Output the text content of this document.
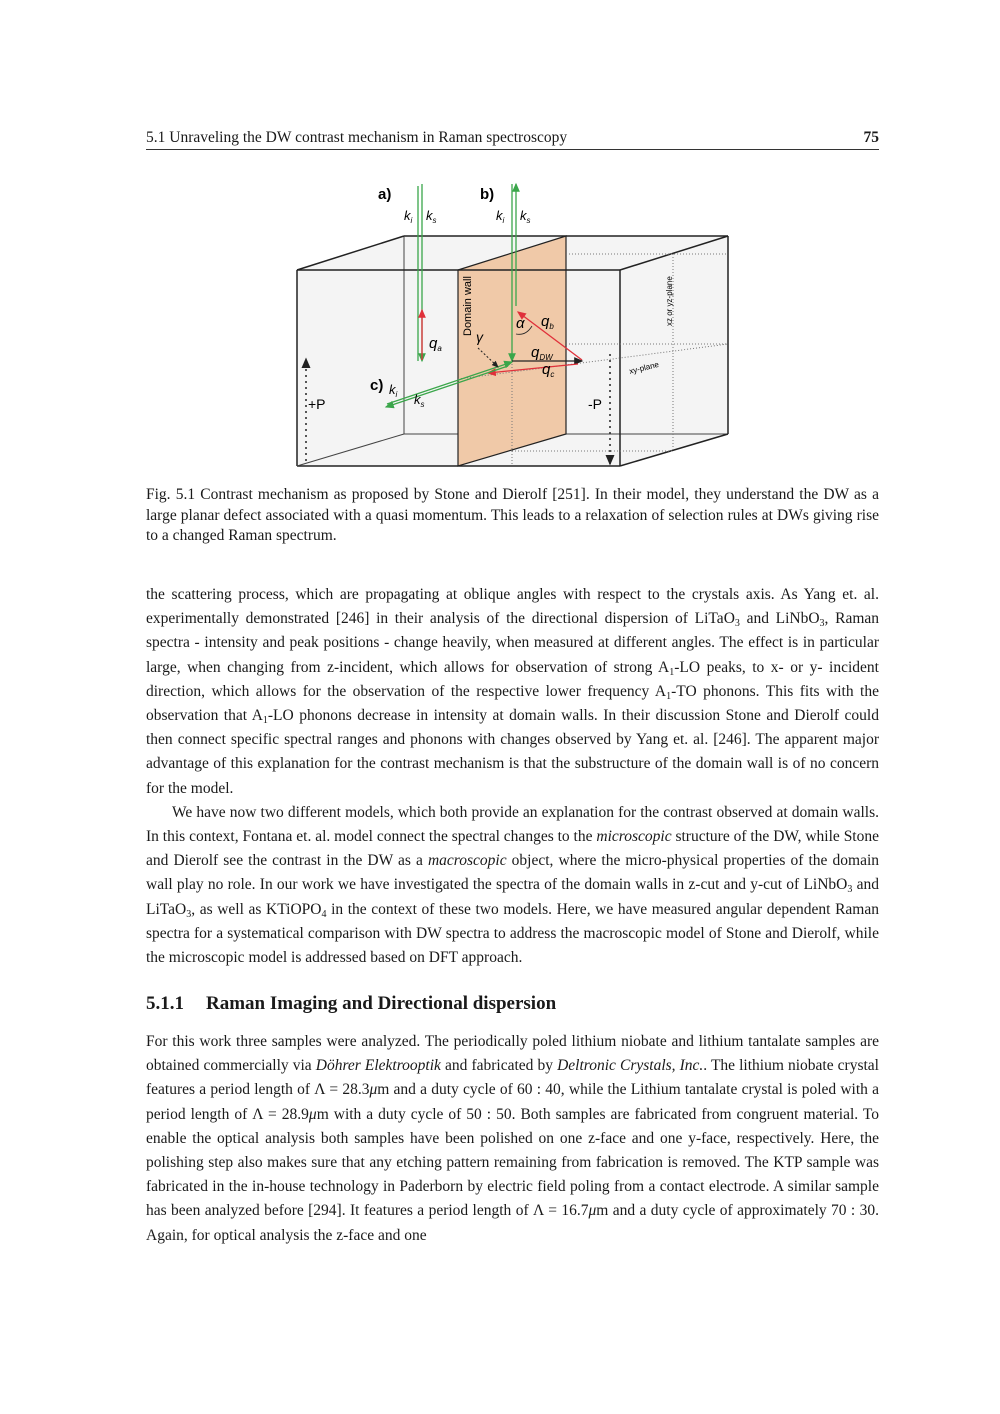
5.1 Unraveling the DW contrast mechanism in Raman spectroscopy	75
Fig. 5.1 Contrast mechanism as proposed by Stone and Dierolf [251]. In their model, they understand the DW as a large planar defect associated with a quasi momentum. This leads to a relaxation of selection rules at DWs giving rise to a changed Raman spectrum.

the scattering process, which are propagating at oblique angles with respect to the crystals axis. As Yang et. al. experimentally demonstrated [246] in their analysis of the directional dispersion of LiTaO$_3$ and LiNbO$_3$, Raman spectra - intensity and peak positions - change heavily, when measured at different angles. The effect is in particular large, when changing from z-incident, which allows for observation of strong $A_1-LO$ peaks, to x- or y- incident direction, which allows for the observation of the respective lower frequency $A_1-TO$ phonons. This fits with the observation that $A_1-LO$ phonons decrease in intensity at domain walls. In their discussion Stone and Dierolf could then connect specific spectral ranges and phonons with changes observed by Yang et. al. [246]. The apparent major advantage of this explanation for the contrast mechanism is that the substructure of the domain wall is of no concern for the model.

We have now two different models, which both provide an explanation for the contrast observed at domain walls. In this context, Fontana et. al. model connect the spectral changes to the microscopic structure of the DW, while Stone and Dierolf see the contrast in the DW as a macroscopic object, where the micro-physical properties of the domain wall play no role. In our work we have investigated the spectra of the domain walls in z-cut and y-cut of LiNbO$_3$ and LiTaO$_3$, as well as KTiOPO$_4$ in the context of these two models. Here, we have measured angular dependent Raman spectra for a systematical comparison with DW spectra to address the macroscopic model of Stone and Dierolf, while the microscopic model is addressed based on DFT approach.

5.1.1 Raman Imaging and Directional dispersion

For this work three samples were analyzed. The periodically poled lithium niobate and lithium tantalate samples are obtained commercially via Döhrer Elektrooptik and fabricated by Deltronic Crystals, Inc.. The lithium niobate crystal features a period length of Λ = 28.3μm and a duty cycle of 60 : 40, while the Lithium tantalate crystal is poled with a period length of Λ = 28.9μm with a duty cycle of 50 : 50. Both samples are fabricated from congruent material. To enable the optical analysis both samples have been polished on one z-face and one y-face, respectively. Here, the polishing step also makes sure that any etching pattern remaining from fabrication is removed. The KTP sample was fabricated in the in-house technology in Paderborn by electric field poling from a contact electrode. A similar sample has been analyzed before [294]. It features a period length of Λ = 16.7μm and a duty cycle of approximately 70 : 30. Again, for optical analysis the z-face and one

a)	b)
c)
$k_i$ $k_s$	$k_i$ $k_s$
$k_i$ $k_s$
$q_a$
$q_b$
$q_{DW}$
$q_c$
α
γ
+P	-P
Domain wall	xz or yz-plane
xy-plane
